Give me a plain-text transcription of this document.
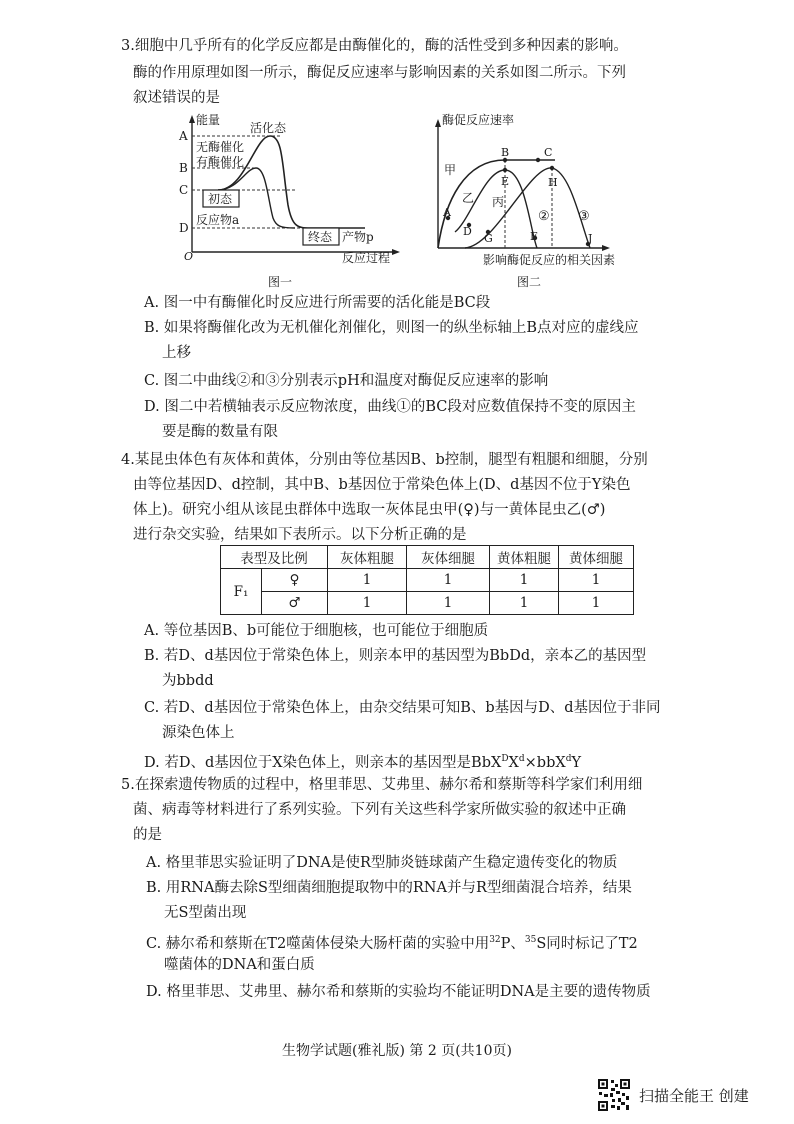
3.细胞中几乎所有的化学反应都是由酶催化的，酶的活性受到多种因素的影响。
酶的作用原理如图一所示，酶促反应速率与影响因素的关系如图二所示。下列
叙述错误的是
能量
A
B
C
D
O
活化态
无酶催化
有酶催化
初态
反应物a
终态 产物p
反应过程
图一
酶促反应速率
甲
乙 丙
A
B	C
D
E
F
G
H
J
② ③
影响酶促反应的相关因素
图二
A. 图一中有酶催化时反应进行所需要的活化能是BC段
B. 如果将酶催化改为无机催化剂催化，则图一的纵坐标轴上B点对应的虚线应
上移
C. 图二中曲线②和③分别表示pH和温度对酶促反应速率的影响
D. 图二中若横轴表示反应物浓度，曲线①的BC段对应数值保持不变的原因主
要是酶的数量有限
4.某昆虫体色有灰体和黄体，分别由等位基因B、b控制，腿型有粗腿和细腿，分别
由等位基因D、d控制，其中B、b基因位于常染色体上(D、d基因不位于Y染色
体上)。研究小组从该昆虫群体中选取一灰体昆虫甲(♀)与一黄体昆虫乙(♂)
进行杂交实验，结果如下表所示。以下分析正确的是
表型及比例		灰体粗腿	灰体细腿	黄体粗腿	黄体细腿
F₁	♀	1	1	1	1
	♂	1	1	1	1
A. 等位基因B、b可能位于细胞核，也可能位于细胞质
B. 若D、d基因位于常染色体上，则亲本甲的基因型为BbDd，亲本乙的基因型
为bbdd
C. 若D、d基因位于常染色体上，由杂交结果可知B、b基因与D、d基因位于非同
源染色体上
D. 若D、d基因位于X染色体上，则亲本的基因型是$BbX^DX^d\times bbX^dY$
5.在探索遗传物质的过程中，格里菲思、艾弗里、赫尔希和蔡斯等科学家们利用细
菌、病毒等材料进行了系列实验。下列有关这些科学家所做实验的叙述中正确
的是
A. 格里菲思实验证明了DNA是使R型肺炎链球菌产生稳定遗传变化的物质
B. 用RNA酶去除S型细菌细胞提取物中的RNA并与R型细菌混合培养，结果
无S型菌出现
C. 赫尔希和蔡斯在T2噬菌体侵染大肠杆菌的实验中用$^{32}$P、$^{35}$S同时标记了T2
噬菌体的DNA和蛋白质
D. 格里菲思、艾弗里、赫尔希和蔡斯的实验均不能证明DNA是主要的遗传物质
生物学试题(雅礼版) 第 2 页(共10页)
扫描全能王 创建
